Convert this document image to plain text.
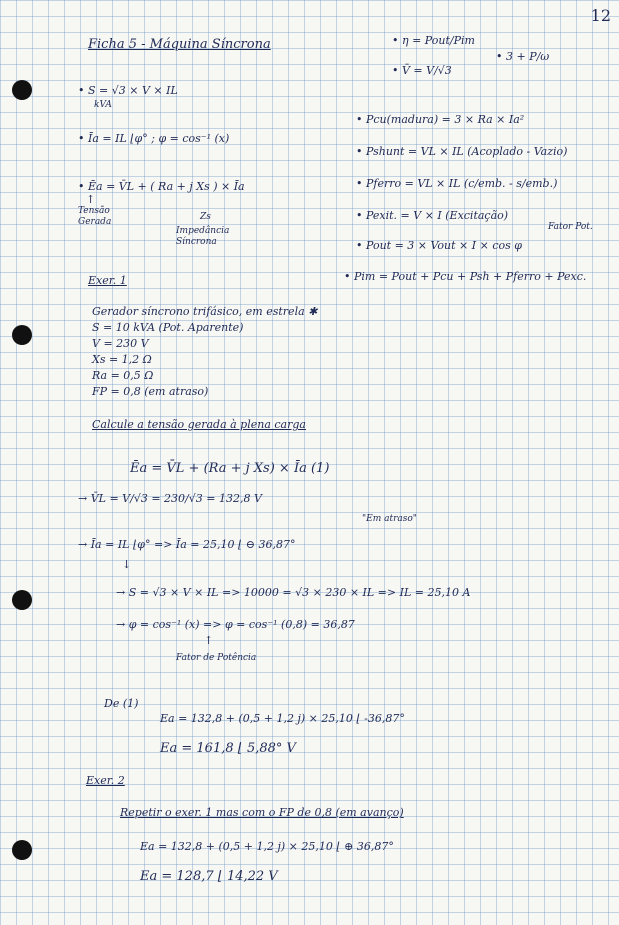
12
Ficha 5 - Máquina Síncrona
• S = √3 × V × IL
kVA
• Īa = IL ⌊φ° ; φ = cos⁻¹ (x)
• Ēa = V̄L + ( Ra + j Xs ) × Īa
↑
Tensão Gerada	Zs
Impedância Síncrona
• η = Pout/Pim
• V̄ = V/√3
• 3 + P/ω
• Pcu(madura) = 3 × Ra × Ia²
• Pshunt = VL × IL (Acoplado - Vazio)
• Pferro = VL × IL (c/emb. - s/emb.)
• Pexit. = V × I (Excitação)
Fator Pot.
• Pout = 3 × Vout × I × cos φ
• Pim = Pout + Pcu + Psh + Pferro + Pexc.
Exer. 1
Gerador síncrono trifásico, em estrela ✱
S = 10 kVA (Pot. Aparente)
V = 230 V
Xs = 1,2 Ω
Ra = 0,5 Ω
FP = 0,8 (em atraso)
Calcule a tensão gerada à plena carga
Ēa = V̄L + (Ra + j Xs) × Īa (1)
→ V̄L = V/√3 = 230/√3 = 132,8 V
"Em atraso"
→ Īa = IL ⌊φ° => Īa = 25,10 ⌊ ⊖ 36,87°
↓
→ S = √3 × V × IL => 10000 = √3 × 230 × IL => IL = 25,10 A
→ φ = cos⁻¹ (x) => φ = cos⁻¹ (0,8) = 36,87
↑
Fator de Potência
De (1)
Ea = 132,8 + (0,5 + 1,2 j) × 25,10 ⌊ -36,87°
Ea = 161,8 ⌊ 5,88° V
Exer. 2
Repetir o exer. 1 mas com o FP de 0,8 (em avanço)
Ea = 132,8 + (0,5 + 1,2 j) × 25,10 ⌊ ⊕ 36,87°
Ea = 128,7 ⌊ 14,22 V
